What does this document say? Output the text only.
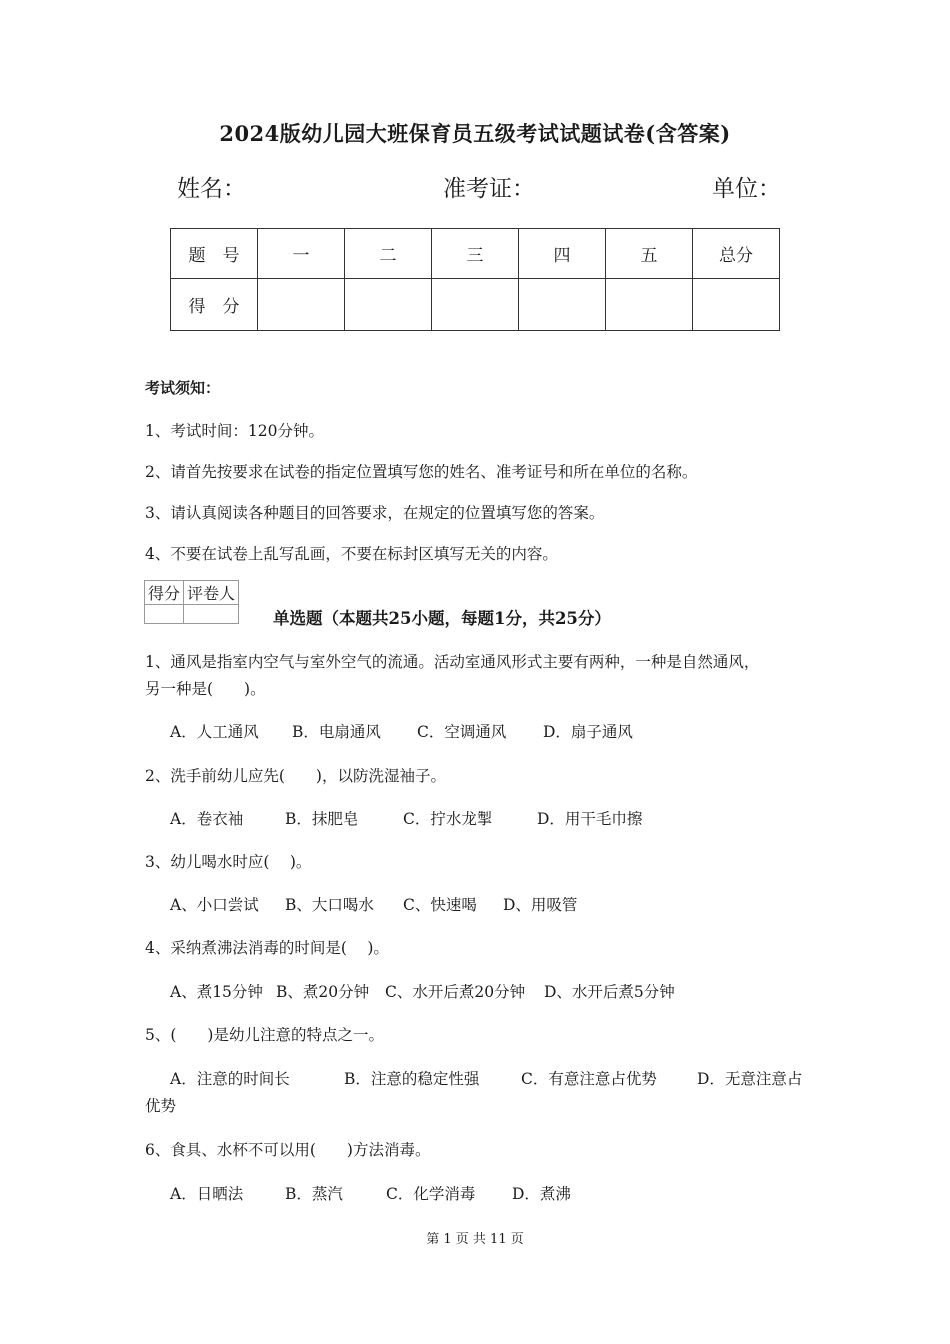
2024版幼儿园大班保育员五级考试试题试卷(含答案)
姓名：	准考证：	单位：
题　号	一	二	三	四	五	总分
得　分						
考试须知：
1、考试时间：120分钟。
2、请首先按要求在试卷的指定位置填写您的姓名、准考证号和所在单位的名称。
3、请认真阅读各种题目的回答要求，在规定的位置填写您的答案。
4、不要在试卷上乱写乱画，不要在标封区填写无关的内容。
得分	评卷人

单选题（本题共25小题，每题1分，共25分）
1、通风是指室内空气与室外空气的流通。活动室通风形式主要有两种，一种是自然通风，
另一种是(　　)。
A．人工通风 B．电扇通风 C．空调通风 D．扇子通风
2、洗手前幼儿应先(　　)，以防洗湿袖子。
A．卷衣袖	B．抹肥皂	C．拧水龙掣	D．用干毛巾擦
3、幼儿喝水时应(　 )。
A、小口尝试 B、大口喝水 C、快速喝 D、用吸管
4、采纳煮沸法消毒的时间是(　 )。
A、煮15分钟 B、煮20分钟 C、水开后煮20分钟 D、水开后煮5分钟
5、(　　)是幼儿注意的特点之一。
A．注意的时间长	B．注意的稳定性强	C．有意注意占优势	D．无意注意占
优势
6、食具、水杯不可以用(　　)方法消毒。
A．日晒法	B．蒸汽	C．化学消毒 D．煮沸
第 1 页 共 11 页
